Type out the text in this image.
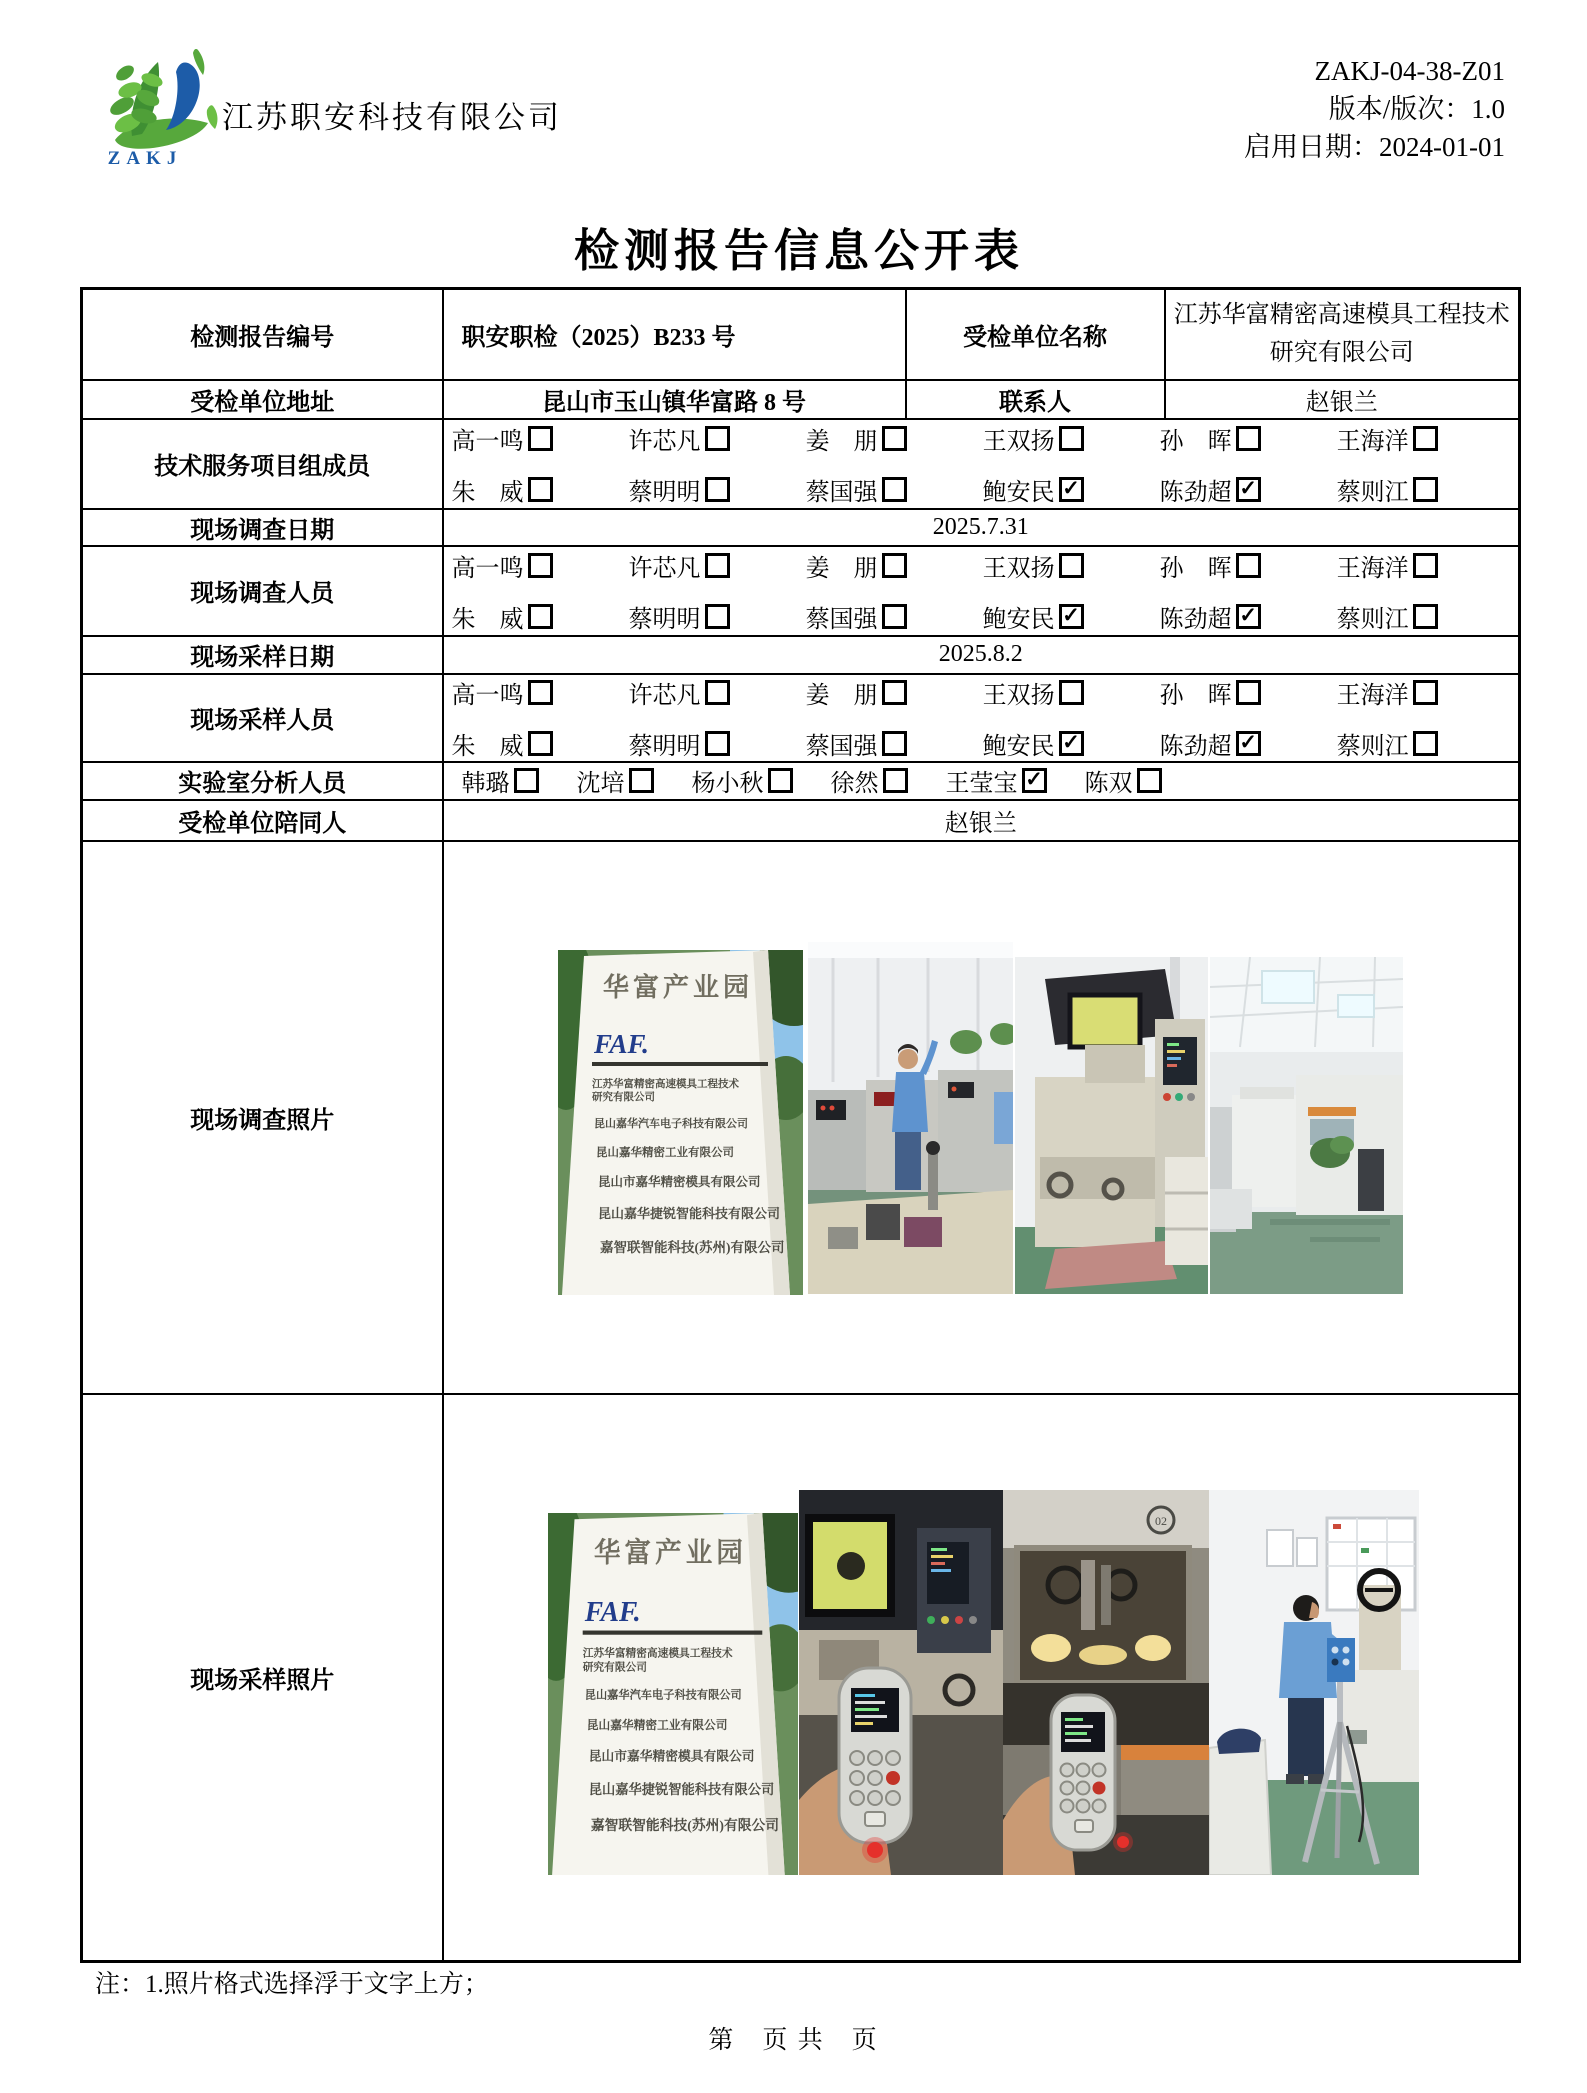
ZAKJ
江苏职安科技有限公司
ZAKJ-04-38-Z01
版本/版次：1.0
启用日期：2024-01-01
检测报告信息公开表
检测报告编号	职安职检（2025）B233 号	受检单位名称	江苏华富精密高速模具工程技术研究有限公司
受检单位地址	昆山市玉山镇华富路 8 号	联系人	赵银兰
技术服务项目组成员	
高一鸣	许芯凡	姜　朋	王双扬	孙　晖	王海洋
朱　威	蔡明明	蔡国强	鲍安民 ✓	陈劲超 ✓	蔡则江

现场调查日期	2025.7.31		
现场调查人员	
高一鸣	许芯凡	姜　朋	王双扬	孙　晖	王海洋
朱　威	蔡明明	蔡国强	鲍安民 ✓	陈劲超 ✓	蔡则江

现场采样日期	2025.8.2		
现场采样人员	
高一鸣	许芯凡	姜　朋	王双扬	孙　晖	王海洋
朱　威	蔡明明	蔡国强	鲍安民 ✓	陈劲超 ✓	蔡则江

实验室分析人员	韩璐	沈培	杨小秋	徐然	王莹宝 ✓ 陈双

受检单位陪同人	赵银兰		
现场调查照片	
华富产业园
FAF.
江苏华富精密高速模具工程技术
研究有限公司
昆山嘉华汽车电子科技有限公司
昆山嘉华精密工业有限公司
昆山市嘉华精密模具有限公司
昆山嘉华捷锐智能科技有限公司
嘉智联智能科技(苏州)有限公司

现场采样照片	
华富产业园
FAF.
江苏华富精密高速模具工程技术
研究有限公司
昆山嘉华汽车电子科技有限公司
昆山嘉华精密工业有限公司
昆山市嘉华精密模具有限公司
昆山嘉华捷锐智能科技有限公司
嘉智联智能科技(苏州)有限公司
02
注：1.照片格式选择浮于文字上方；
第　页 共　页
